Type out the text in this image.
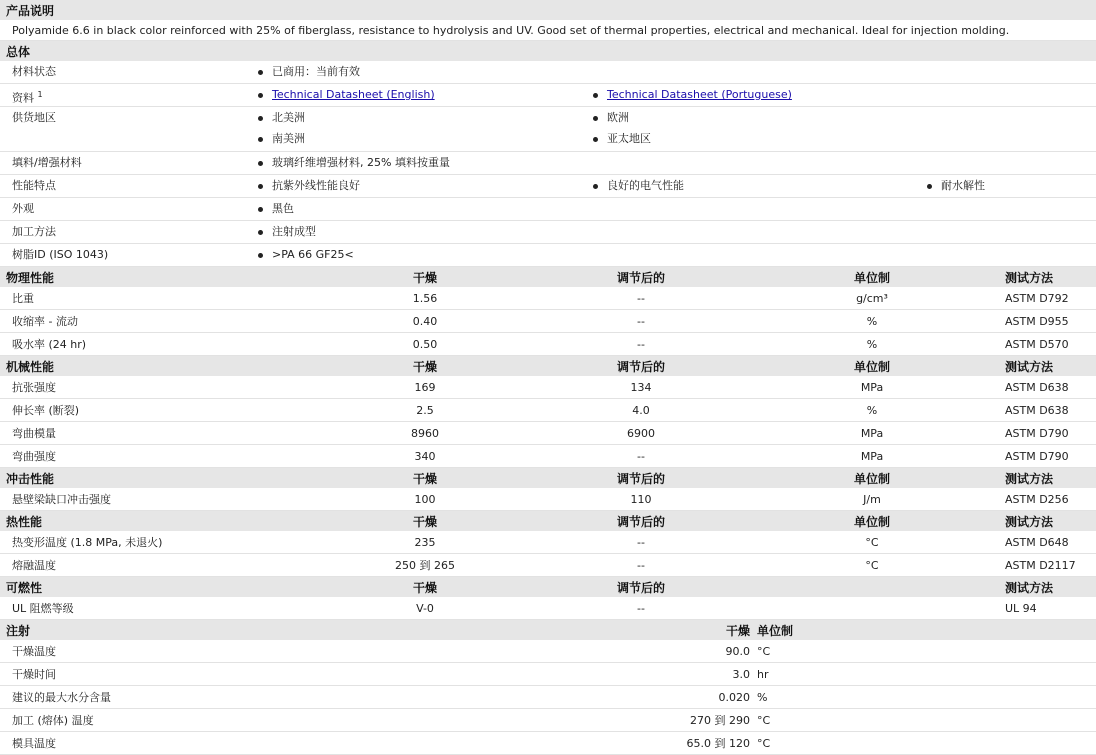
产品说明
Polyamide 6.6 in black color reinforced with 25% of fiberglass, resistance to hydrolysis and UV. Good set of thermal properties, electrical and mechanical. Ideal for injection molding.
总体
材料状态	已商用：当前有效
资料 $^1$	Technical Datasheet (English)	Technical Datasheet (Portuguese)
供货地区	北美洲	欧洲
南美洲	亚太地区
填料/增强材料	玻璃纤维增强材料, 25% 填料按重量
性能特点	抗紫外线性能良好	良好的电气性能	耐水解性
外观	黑色
加工方法	注射成型
树脂ID (ISO 1043)	>PA 66 GF25<
物理性能	干燥	调节后的	单位制	测试方法
比重	1.56	--	g/cm³	ASTM D792
收缩率 - 流动	0.40	--	%	ASTM D955
吸水率 (24 hr)	0.50	--	%	ASTM D570
机械性能	干燥	调节后的	单位制	测试方法
抗张强度	169	134	MPa	ASTM D638
伸长率 (断裂)	2.5	4.0	%	ASTM D638
弯曲模量	8960	6900	MPa	ASTM D790
弯曲强度	340	--	MPa	ASTM D790
冲击性能	干燥	调节后的	单位制	测试方法
悬壁梁缺口冲击强度	100	110	J/m	ASTM D256
热性能	干燥	调节后的	单位制	测试方法
热变形温度 (1.8 MPa, 未退火)	235	--	°C	ASTM D648
熔融温度	250 到 265	--	°C	ASTM D2117
可燃性	干燥	调节后的	测试方法
UL 阻燃等级	V-0	--	UL 94
注射	干燥 单位制
干燥温度	90.0 °C
干燥时间	3.0 hr
建议的最大水分含量	0.020 %
加工 (熔体) 温度	270 到 290 °C
模具温度	65.0 到 120 °C
